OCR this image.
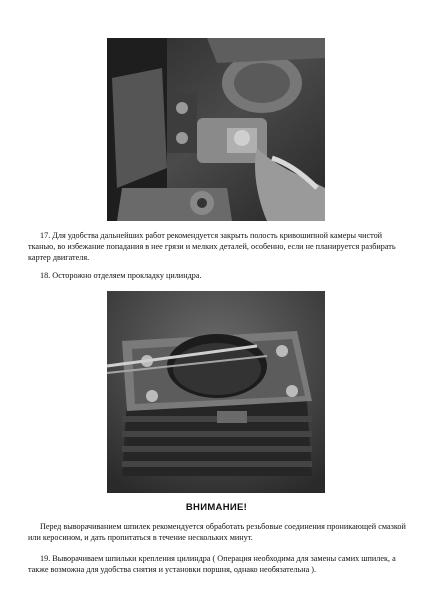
17. Для удобства дальнейших работ рекомендуется закрыть полость кривошипной камеры чистой тканью, во избежание попадания в нее грязи и мелких деталей, особенно, если не планируется разбирать картер двигателя.

18. Осторожно отделяем прокладку цилиндра.

ВНИМАНИЕ!

Перед выворачиванием шпилек рекомендуется обработать резьбовые соединения проникающей смазкой или керосином, и дать пропитаться в течение нескольких минут.

19. Выворачиваем шпильки крепления цилиндра ( Операция необходима для замены самих шпилек, а также возможна для удобства снятия и установки поршня, однако необязательна ).
